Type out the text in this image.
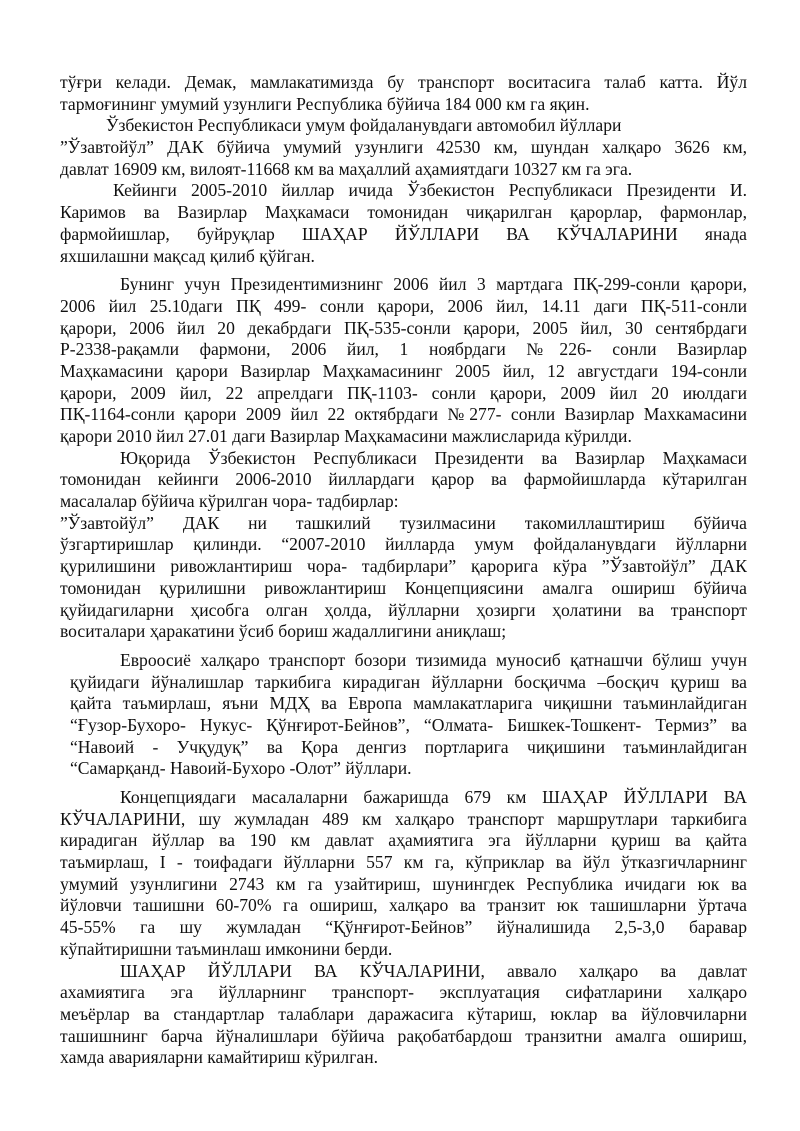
тўғри келади. Демак, мамлакатимизда бу транспорт воситасига талаб катта. Йўл
тармоғининг умумий узунлиги Республика бўйича 184 000 км га яқин.
Ўзбекистон Республикаси умум фойдаланувдаги автомобил йўллари
”Ўзавтойўл” ДАК бўйича умумий узунлиги 42530 км, шундан халқаро 3626 км,
давлат 16909 км, вилоят-11668 км ва маҳаллий аҳамиятдаги 10327 км га эга.
Кейинги 2005-2010 йиллар ичида Ўзбекистон Республикаси Президенти И.
Каримов ва Вазирлар Маҳкамаси томонидан чиқарилган қарорлар, фармонлар,
фармойишлар, буйруқлар ШАҲАР ЙЎЛЛАРИ ВА КЎЧАЛАРИНИ янада
яхшилашни мақсад қилиб қўйган.
Бунинг учун Президентимизнинг 2006 йил 3 мартдага ПҚ-299-сонли қарори,
2006 йил 25.10даги ПҚ 499- сонли қарори, 2006 йил, 14.11 даги ПҚ-511-сонли
қарори, 2006 йил 20 декабрдаги ПҚ-535-сонли қарори, 2005 йил, 30 сентябрдаги
Р-2338-рақамли фармони, 2006 йил, 1 ноябрдаги №226- сонли Вазирлар
Маҳкамасини қарори Вазирлар Маҳкамасининг 2005 йил, 12 августдаги 194-сонли
қарори, 2009 йил, 22 апрелдаги ПҚ-1103- сонли қарори, 2009 йил 20 июлдаги
ПҚ-1164-сонли қарори 2009 йил 22 октябрдаги №277- сонли Вазирлар Махкамасини
қарори 2010 йил 27.01 даги Вазирлар Маҳкамасини мажлисларида кўрилди.
Юқорида Ўзбекистон Республикаси Президенти ва Вазирлар Маҳкамаси
томонидан кейинги 2006-2010 йиллардаги қарор ва фармойишларда кўтарилган
масалалар бўйича кўрилган чора- тадбирлар:
”Ўзавтойўл” ДАК ни ташкилий тузилмасини такомиллаштириш бўйича
ўзгартиришлар қилинди. “2007-2010 йилларда умум фойдаланувдаги йўлларни
қурилишини ривожлантириш чора- тадбирлари” қарорига кўра ”Ўзавтойўл” ДАК
томонидан қурилишни ривожлантириш Концепциясини амалга ошириш бўйича
қуйидагиларни ҳисобга олган ҳолда, йўлларни ҳозирги ҳолатини ва транспорт
воситалари ҳаракатини ўсиб бориш жадаллигини аниқлаш;
Евроосиё халқаро транспорт бозори тизимида муносиб қатнашчи бўлиш учун
қуйидаги йўналишлар таркибига кирадиган йўлларни босқичма –босқич қуриш ва
қайта таъмирлаш, яъни МДҲ ва Европа мамлакатларига чиқишни таъминлайдиган
“Ғузор-Бухоро- Нукус- Қўнғирот-Бейнов”, “Олмата- Бишкек-Тошкент- Термиз” ва
“Навоий - Учқудуқ” ва Қора денгиз портларига чиқишини таъминлайдиган
“Самарқанд- Навоий-Бухоро -Олот” йўллари.
Концепциядаги масалаларни бажаришда 679 км ШАҲАР ЙЎЛЛАРИ ВА
КЎЧАЛАРИНИ, шу жумладан 489 км халқаро транспорт маршрутлари таркибига
кирадиган йўллар ва 190 км давлат аҳамиятига эга йўлларни қуриш ва қайта
таъмирлаш, I - тоифадаги йўлларни 557 км га, кўприклар ва йўл ўтказгичларнинг
умумий узунлигини 2743 км га узайтириш, шунингдек Республика ичидаги юк ва
йўловчи ташишни 60-70% га ошириш, халқаро ва транзит юк ташишларни ўртача
45-55% га шу жумладан “Қўнғирот-Бейнов” йўналишида 2,5-3,0 баравар
кўпайтиришни таъминлаш имконини берди.
ШАҲАР ЙЎЛЛАРИ ВА КЎЧАЛАРИНИ, аввало халқаро ва давлат
ахамиятига эга йўлларнинг транспорт- эксплуатация сифатларини халқаро
меъёрлар ва стандартлар талаблари даражасига кўтариш, юклар ва йўловчиларни
ташишнинг барча йўналишлари бўйича рақобатбардош транзитни амалга ошириш,
хамда аварияларни камайтириш кўрилган.
